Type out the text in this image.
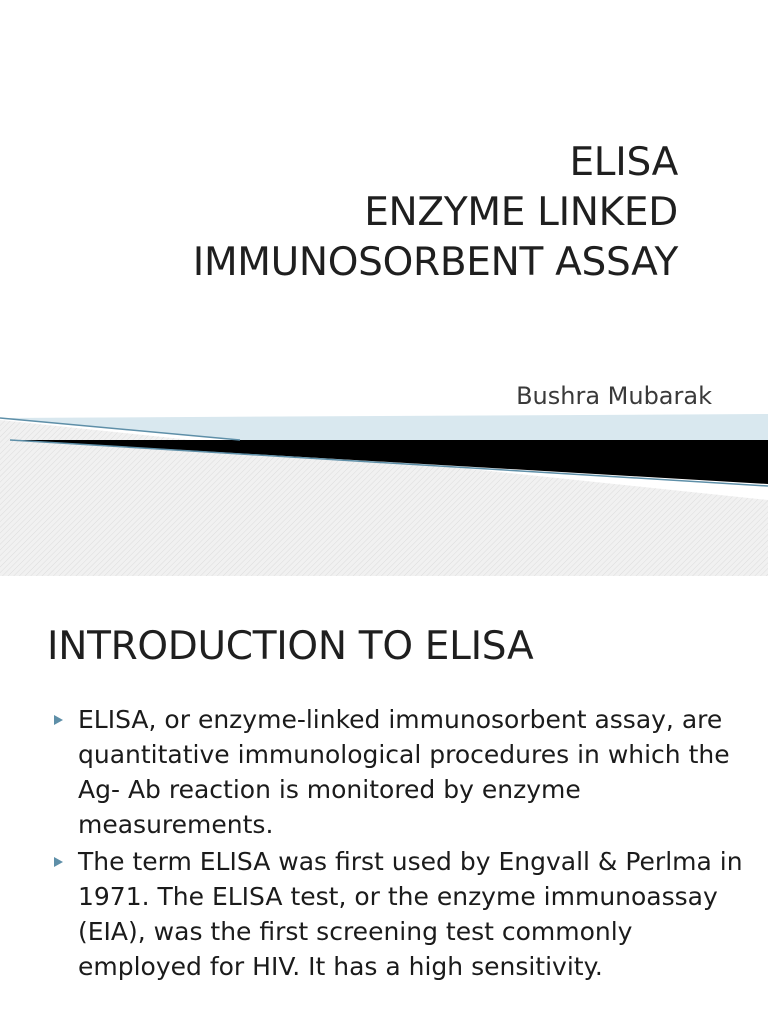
ELISA
ENZYME LINKED
IMMUNOSORBENT ASSAY
Bushra Mubarak
INTRODUCTION TO ELISA
ELISA, or enzyme-linked immunosorbent assay, are quantitative immunological procedures in which the Ag- Ab reaction is monitored by enzyme measurements.
The term ELISA was first used by Engvall & Perlma in 1971. The ELISA test, or the enzyme immunoassay (EIA), was the first screening test commonly employed for HIV. It has a high sensitivity.
